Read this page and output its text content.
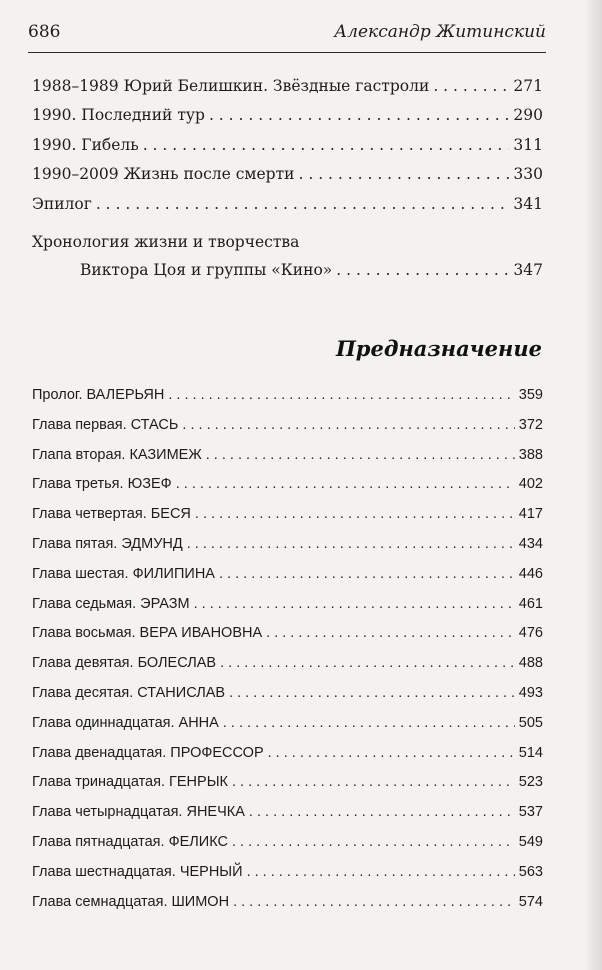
686	Александр Житинский
1988–1989 Юрий Белишкин. Звёздные гастроли . . .	271
1990. Последний тур . . .	290
1990. Гибель . . .	311
1990–2009 Жизнь после смерти . . .	330
Эпилог . . .	341
Хронология жизни и творчества
Виктора Цоя и группы «Кино» . . .	347
Предназначение
Пролог. ВАЛЕРЬЯН . . .	359
Глава первая. СТАСЬ . . .	372
Глапа вторая. КАЗИМЕЖ . . .	388
Глава третья. ЮЗЕФ . . .	402
Глава четвертая. БЕСЯ . . .	417
Глава пятая. ЭДМУНД . . .	434
Глава шестая. ФИЛИПИНА . . .	446
Глава седьмая. ЭРАЗМ . . .	461
Глава восьмая. ВЕРА ИВАНОВНА . . .	476
Глава девятая. БОЛЕСЛАВ . . .	488
Глава десятая. СТАНИСЛАВ . . .	493
Глава одиннадцатая. АННА . . .	505
Глава двенадцатая. ПРОФЕССОР . . .	514
Глава тринадцатая. ГЕНРЫК . . .	523
Глава четырнадцатая. ЯНЕЧКА . . .	537
Глава пятнадцатая. ФЕЛИКС . . .	549
Глава шестнадцатая. ЧЕРНЫЙ . . .	563
Глава семнадцатая. ШИМОН . . .	574
